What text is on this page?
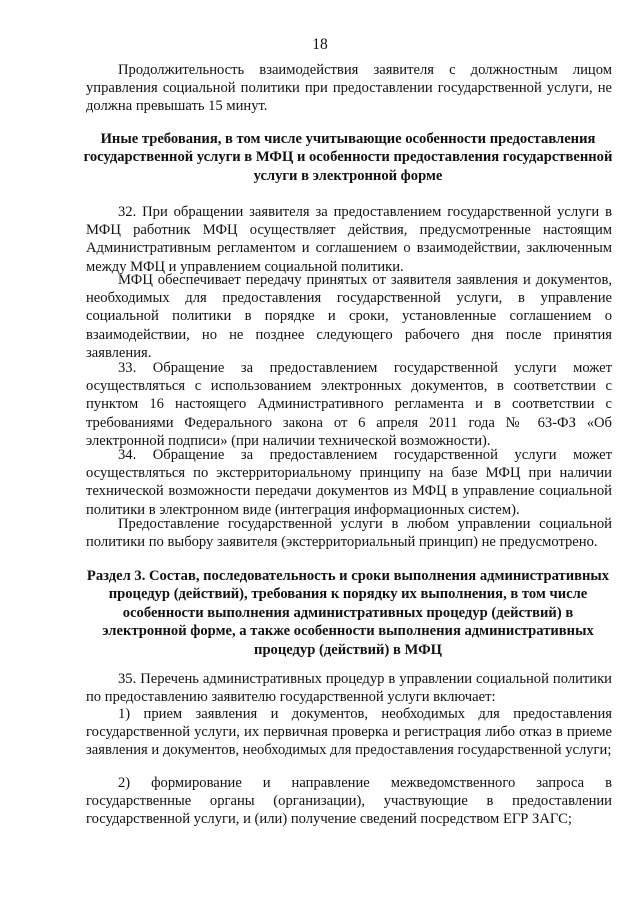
18

Продолжительность взаимодействия заявителя с должностным лицом управления социальной политики при предоставлении государственной услуги, не должна превышать 15 минут.

Иные требования, в том числе учитывающие особенности предоставления государственной услуги в МФЦ и особенности предоставления государственной услуги в электронной форме

32. При обращении заявителя за предоставлением государственной услуги в МФЦ работник МФЦ осуществляет действия, предусмотренные настоящим Административным регламентом и соглашением о взаимодействии, заключенным между МФЦ и управлением социальной политики.

МФЦ обеспечивает передачу принятых от заявителя заявления и документов, необходимых для предоставления государственной услуги, в управление социальной политики в порядке и сроки, установленные соглашением о взаимодействии, но не позднее следующего рабочего дня после принятия заявления.

33. Обращение за предоставлением государственной услуги может осуществляться с использованием электронных документов, в соответствии с пунктом 16 настоящего Административного регламента и в соответствии с требованиями Федерального закона от 6 апреля 2011 года № 63-ФЗ «Об электронной подписи» (при наличии технической возможности).

34. Обращение за предоставлением государственной услуги может осуществляться по экстерриториальному принципу на базе МФЦ при наличии технической возможности передачи документов из МФЦ в управление социальной политики в электронном виде (интеграция информационных систем).

Предоставление государственной услуги в любом управлении социальной политики по выбору заявителя (экстерриториальный принцип) не предусмотрено.

Раздел 3. Состав, последовательность и сроки выполнения административных процедур (действий), требования к порядку их выполнения, в том числе особенности выполнения административных процедур (действий) в электронной форме, а также особенности выполнения административных процедур (действий) в МФЦ

35. Перечень административных процедур в управлении социальной политики по предоставлению заявителю государственной услуги включает:

1) прием заявления и документов, необходимых для предоставления государственной услуги, их первичная проверка и регистрация либо отказ в приеме заявления и документов, необходимых для предоставления государственной услуги;

2) формирование и направление межведомственного запроса в государственные органы (организации), участвующие в предоставлении государственной услуги, и (или) получение сведений посредством ЕГР ЗАГС;
